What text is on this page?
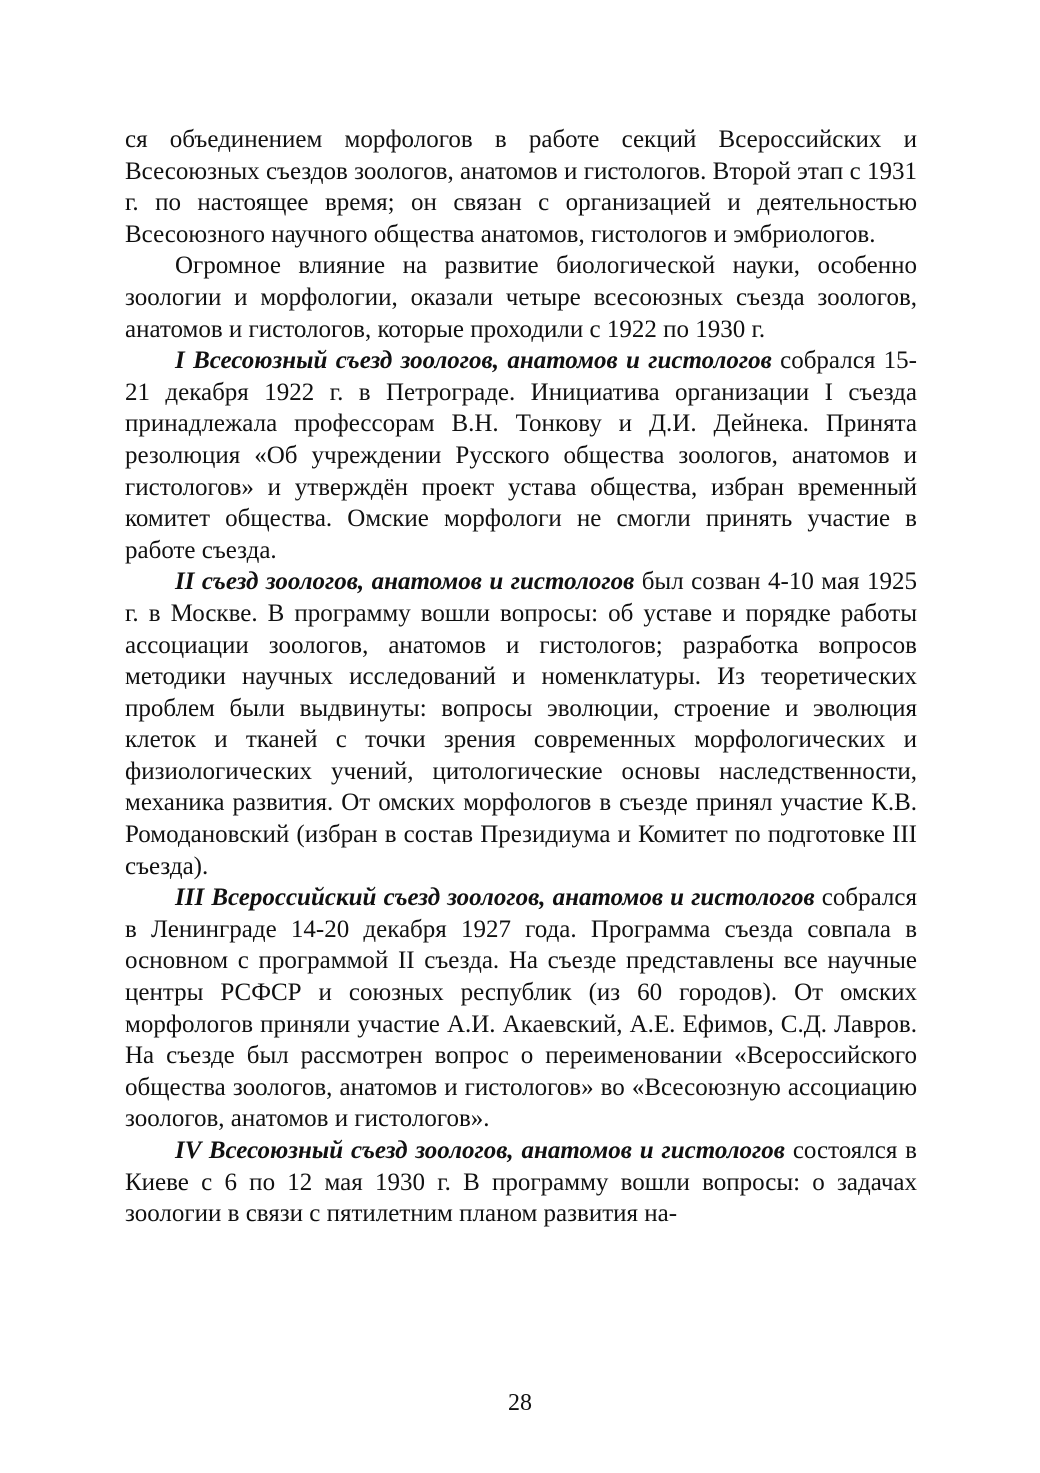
ся объединением морфологов в работе секций Всероссийских и Всесоюзных съездов зоологов, анатомов и гистологов. Второй этап с 1931 г. по настоящее время; он связан с организацией и деятельностью Всесоюзного научного общества анатомов, гистологов и эмбриологов.

Огромное влияние на развитие биологической науки, особенно зоологии и морфологии, оказали четыре всесоюзных съезда зоологов, анатомов и гистологов, которые проходили с 1922 по 1930 г.

I Всесоюзный съезд зоологов, анатомов и гистологов собрался 15-21 декабря 1922 г. в Петрограде. Инициатива организации I съезда принадлежала профессорам В.Н. Тонкову и Д.И. Дейнека. Принята резолюция «Об учреждении Русского общества зоологов, анатомов и гистологов» и утверждён проект устава общества, избран временный комитет общества. Омские морфологи не смогли принять участие в работе съезда.

II съезд зоологов, анатомов и гистологов был созван 4-10 мая 1925 г. в Москве. В программу вошли вопросы: об уставе и порядке работы ассоциации зоологов, анатомов и гистологов; разработка вопросов методики научных исследований и номенклатуры. Из теоретических проблем были выдвинуты: вопросы эволюции, строение и эволюция клеток и тканей с точки зрения современных морфологических и физиологических учений, цитологические основы наследственности, механика развития. От омских морфологов в съезде принял участие К.В. Ромодановский (избран в состав Президиума и Комитет по подготовке III съезда).

III Всероссийский съезд зоологов, анатомов и гистологов собрался в Ленинграде 14-20 декабря 1927 года. Программа съезда совпала в основном с программой II съезда. На съезде представлены все научные центры РСФСР и союзных республик (из 60 городов). От омских морфологов приняли участие А.И. Акаевский, А.Е. Ефимов, С.Д. Лавров. На съезде был рассмотрен вопрос о переименовании «Всероссийского общества зоологов, анатомов и гистологов» во «Всесоюзную ассоциацию зоологов, анатомов и гистологов».

IV Всесоюзный съезд зоологов, анатомов и гистологов состоялся в Киеве с 6 по 12 мая 1930 г. В программу вошли вопросы: о задачах зоологии в связи с пятилетним планом развития на-

28
